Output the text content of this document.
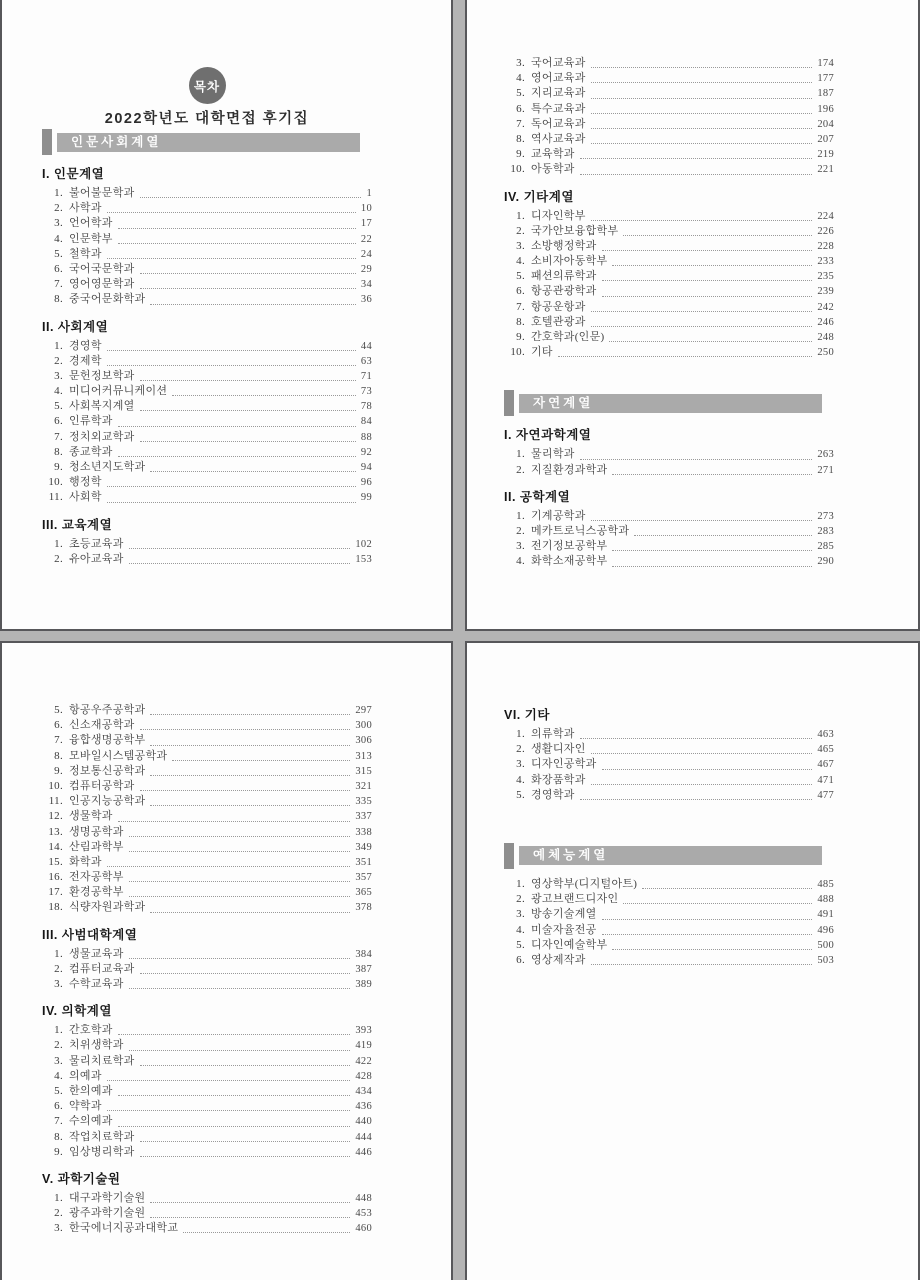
목차
2022학년도 대학면접 후기집
인문사회계열
I. 인문계열
1. 불어불문학과	1
2. 사학과	10
3. 언어학과	17
4. 인문학부	22
5. 철학과	24
6. 국어국문학과	29
7. 영어영문학과	34
8. 중국어문화학과	36
II. 사회계열
1. 경영학	44
2. 경제학	63
3. 문헌정보학과	71
4. 미디어커뮤니케이션	73
5. 사회복지계열	78
6. 인류학과	84
7. 정치외교학과	88
8. 종교학과	92
9. 청소년지도학과	94
10. 행정학	96
11. 사회학	99
III. 교육계열
1. 초등교육과	102
2. 유아교육과	153
3. 국어교육과	174
4. 영어교육과	177
5. 지리교육과	187
6. 특수교육과	196
7. 독어교육과	204
8. 역사교육과	207
9. 교육학과	219
10. 아동학과	221
IV. 기타계열
1. 디자인학부	224
2. 국가안보융합학부	226
3. 소방행정학과	228
4. 소비자아동학부	233
5. 패션의류학과	235
6. 항공관광학과	239
7. 항공운항과	242
8. 호텔관광과	246
9. 간호학과(인문)	248
10. 기타	250
자연계열
I. 자연과학계열
1. 물리학과	263
2. 지질환경과학과	271
II. 공학계열
1. 기계공학과	273
2. 메카트로닉스공학과	283
3. 전기정보공학부	285
4. 화학소재공학부	290
5. 항공우주공학과	297
6. 신소재공학과	300
7. 융합생명공학부	306
8. 모바일시스템공학과	313
9. 정보통신공학과	315
10. 컴퓨터공학과	321
11. 인공지능공학과	335
12. 생물학과	337
13. 생명공학과	338
14. 산림과학부	349
15. 화학과	351
16. 전자공학부	357
17. 환경공학부	365
18. 식량자원과학과	378
III. 사범대학계열
1. 생물교육과	384
2. 컴퓨터교육과	387
3. 수학교육과	389
IV. 의학계열
1. 간호학과	393
2. 치위생학과	419
3. 물리치료학과	422
4. 의예과	428
5. 한의예과	434
6. 약학과	436
7. 수의예과	440
8. 작업치료학과	444
9. 임상병리학과	446
V. 과학기술원
1. 대구과학기술원	448
2. 광주과학기술원	453
3. 한국에너지공과대학교	460
VI. 기타
1. 의류학과	463
2. 생활디자인	465
3. 디자인공학과	467
4. 화장품학과	471
5. 경영학과	477
예체능계열
1. 영상학부(디지털아트)	485
2. 광고브랜드디자인	488
3. 방송기술계열	491
4. 미술자율전공	496
5. 디자인예술학부	500
6. 영상제작과	503
